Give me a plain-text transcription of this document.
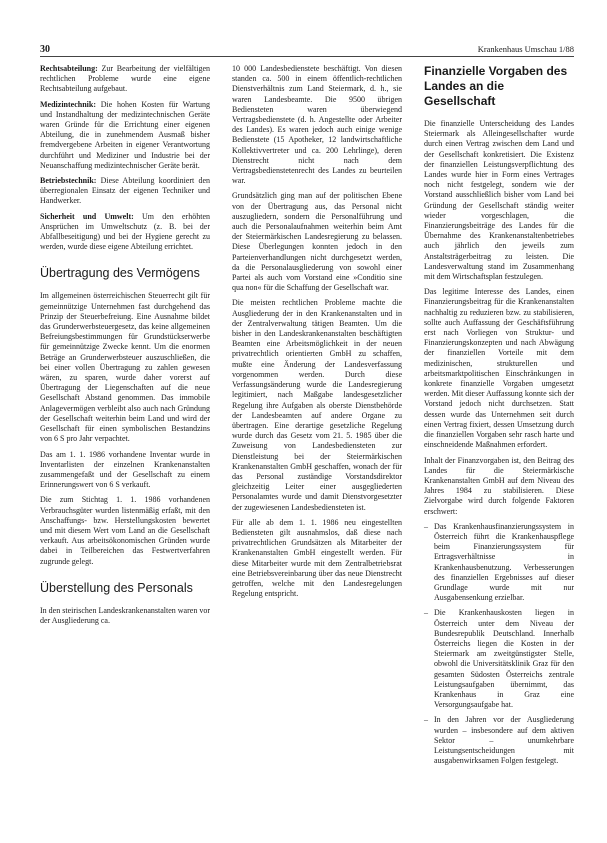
30	Krankenhaus Umschau 1/88

Rechtsabteilung: Zur Bearbeitung der vielfältigen rechtlichen Probleme wurde eine eigene Rechtsabteilung aufgebaut.

Medizintechnik: Die hohen Kosten für Wartung und Instandhaltung der medizintechnischen Geräte waren Gründe für die Errichtung einer eigenen Abteilung, die in zunehmendem Ausmaß bisher fremdvergebene Arbeiten in eigener Verantwortung durchführt und Mediziner und Industrie bei der Neuanschaffung medizintechnischer Geräte berät.

Betriebstechnik: Diese Abteilung koordiniert den überregionalen Einsatz der eigenen Techniker und Handwerker.

Sicherheit und Umwelt: Um den erhöhten Ansprüchen im Umweltschutz (z. B. bei der Abfallbeseitigung) und bei der Hygiene gerecht zu werden, wurde diese eigene Abteilung errichtet.

Übertragung des Vermögens

Im allgemeinen österreichischen Steuerrecht gilt für gemeinnützige Unternehmen fast durchgehend das Prinzip der Steuerbefreiung. Eine Ausnahme bildet das Grunderwerbsteuergesetz, das keine allgemeinen Befreiungsbestimmungen für Grundstückserwerbe für gemeinnützige Zwecke kennt. Um die enormen Beträge an Grunderwerbsteuer auszuschließen, die bei einer vollen Übertragung zu zahlen gewesen wären, zu sparen, wurde daher vorerst auf Übertragung der Liegenschaften auf die neue Gesellschaft Abstand genommen. Das immobile Anlagevermögen verbleibt also auch nach Gründung der Gesellschaft weiterhin beim Land und wird der Gesellschaft für einen symbolischen Bestandzins von 6 S pro Jahr verpachtet.

Das am 1. 1. 1986 vorhandene Inventar wurde in Inventarlisten der einzelnen Krankenanstalten zusammengefaßt und der Gesellschaft zu einem Erinnerungswert von 6 S verkauft.

Die zum Stichtag 1. 1. 1986 vorhandenen Verbrauchsgüter wurden listenmäßig erfaßt, mit den Anschaffungs- bzw. Herstellungskosten bewertet und mit diesem Wert vom Land an die Gesellschaft verkauft. Aus arbeitsökonomischen Gründen wurde dabei in Teilbereichen das Festwertverfahren zugrunde gelegt.

Überstellung des Personals

In den steirischen Landeskrankenanstalten waren vor der Ausgliederung ca.

10 000 Landesbedienstete beschäftigt. Von diesen standen ca. 500 in einem öffentlich-rechtlichen Dienstverhältnis zum Land Steiermark, d. h., sie waren Landesbeamte. Die 9500 übrigen Bediensteten waren überwiegend Vertragsbedienstete (d. h. Angestellte oder Arbeiter des Landes). Es waren jedoch auch einige wenige Bedienstete (15 Apotheker, 12 landwirtschaftliche Kollektivvertreter und ca. 200 Lehrlinge), deren Dienstrecht nicht nach dem Vertragsbedienstetenrecht des Landes zu beurteilen war.

Grundsätzlich ging man auf der politischen Ebene von der Übertragung aus, das Personal nicht auszugliedern, sondern die Personalführung und auch die Personalaufnahmen weiterhin beim Amt der Steiermärkischen Landesregierung zu belassen. Diese Überlegungen konnten jedoch in den Parteienverhandlungen nicht durchgesetzt werden, da die Personalausgliederung von sowohl einer Partei als auch vom Vorstand eine »Conditio sine qua non« für die Schaffung der Gesellschaft war.

Die meisten rechtlichen Probleme machte die Ausgliederung der in den Krankenanstalten und in der Zentralverwaltung tätigen Beamten. Um die bisher in den Landeskrankenanstalten beschäftigten Beamten eine Arbeitsmöglichkeit in der neuen privatrechtlich orientierten GmbH zu schaffen, mußte eine Änderung der Landesverfassung vorgenommen werden. Durch diese Verfassungsänderung wurde die Landesregierung legitimiert, nach Maßgabe landesgesetzlicher Regelung ihre Aufgaben als oberste Dienstbehörde der Landesbeamten auf andere Organe zu übertragen. Eine derartige gesetzliche Regelung wurde durch das Gesetz vom 21. 5. 1985 über die Zuweisung von Landesbediensteten zur Dienstleistung bei der Steiermärkischen Krankenanstalten GmbH geschaffen, wonach der für das Personal zuständige Vorstandsdirektor gleichzeitig Leiter einer ausgegliederten Personalamtes wurde und damit Dienstvorgesetzter der zugewiesenen Landesbediensteten ist.

Für alle ab dem 1. 1. 1986 neu eingestellten Bediensteten gilt ausnahmslos, daß diese nach privatrechtlichen Grundsätzen als Mitarbeiter der Krankenanstalten GmbH eingestellt werden. Für diese Mitarbeiter wurde mit dem Zentralbetriebsrat eine Betriebsvereinbarung über das neue Dienstrecht getroffen, welche mit den Landesregelungen Regelung entspricht.

Finanzielle Vorgaben des Landes an die Gesellschaft

Die finanzielle Unterscheidung des Landes Steiermark als Alleingesellschafter wurde durch einen Vertrag zwischen dem Land und der Gesellschaft konkretisiert. Die Existenz der finanziellen Leistungsverpflichtung des Landes wurde hier in Form eines Vertrages noch nicht festgelegt, sondern wie der Vorstand ausschließlich bisher vom Land bei Gründung der Gesellschaft ständig weiter wieder vorgeschlagen, die Finanzierungsbeiträge des Landes für die Übernahme des Krankenanstaltenbetriebes auch jährlich den jeweils zum Anstaltsträgerbeitrag zu leisten. Die Landesverwaltung stand im Zusammenhang mit dem Wirtschaftsplan festzulegen.

Das legitime Interesse des Landes, einen Finanzierungsbeitrag für die Krankenanstalten nachhaltig zu reduzieren bzw. zu stabilisieren, sollte auch Auffassung der Geschäftsführung erst nach Vorliegen von Struktur- und Finanzierungskonzepten und nach Abwägung der finanziellen Vorteile mit dem medizinischen, strukturellen und arbeitsmarktpolitischen Einschränkungen in konkrete finanzielle Vorgaben umgesetzt werden. Mit dieser Auffassung konnte sich der Vorstand jedoch nicht durchsetzen. Statt dessen wurde das Unternehmen seit durch einen Vertrag fixiert, dessen Umsetzung durch die finanziellen Vorgaben sehr rasch harte und einschneidende Maßnahmen erfordert.

Inhalt der Finanzvorgaben ist, den Beitrag des Landes für die Steiermärkische Krankenanstalten GmbH auf dem Niveau des Jahres 1984 zu stabilisieren. Diese Zielvorgabe wird durch folgende Faktoren erschwert:

– Das Krankenhausfinanzierungssystem in Österreich führt die Krankenhauspflege beim Finanzierungssystem für Ertragsverhältnisse in Krankenhausbenutzung. Verbesserungen des finanziellen Ergebnisses auf dieser Grundlage wurde mit nur Ausgabensenkung erzielbar.
– Die Krankenhauskosten liegen in Österreich unter dem Niveau der Bundesrepublik Deutschland. Innerhalb Österreichs liegen die Kosten in der Steiermark am zweitgünstigster Stelle, obwohl die Universitätsklinik Graz für den gesamten Südosten Österreichs zentrale Leistungsaufgaben übernimmt, das Krankenhaus in Graz eine Versorgungsaufgabe hat.
– In den Jahren vor der Ausgliederung wurden – insbesondere auf dem aktiven Sektor – unumkehrbare Leistungsentscheidungen mit ausgabenwirksamen Folgen festgelegt.
